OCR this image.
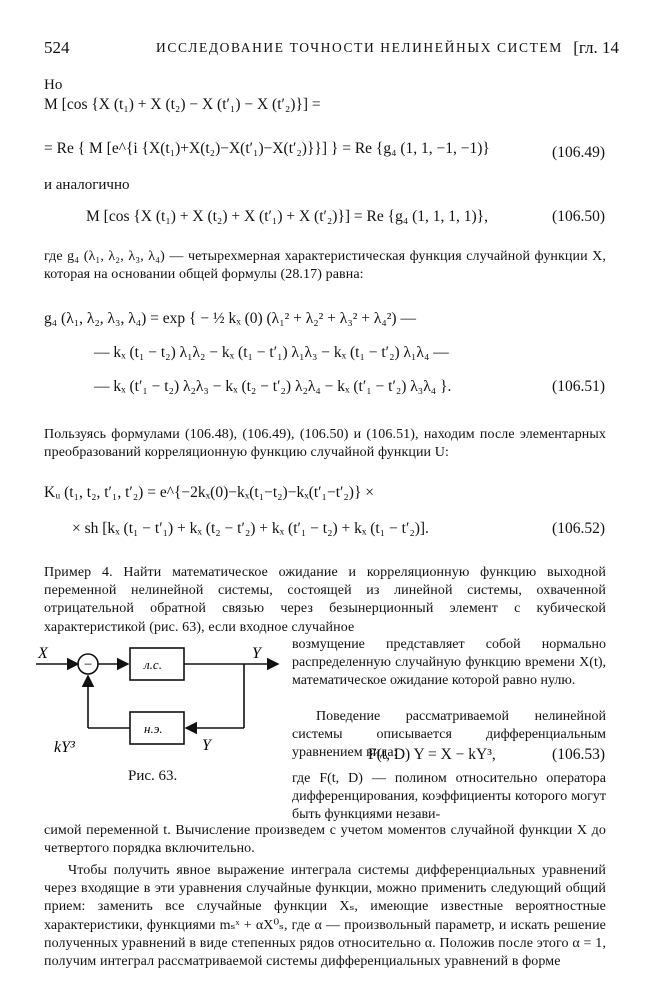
524	ИССЛЕДОВАНИЕ ТОЧНОСТИ НЕЛИНЕЙНЫХ СИСТЕМ [гл. 14
Но
M [cos {X (t₁) + X (t₂) − X (t′₁) − X (t′₂)}] =
= Re { M [e^{i {X(t₁)+X(t₂)−X(t′₁)−X(t′₂)}}] } = Re {g₄ (1, 1, −1, −1)}	(106.49)
и аналогично
M [cos {X (t₁) + X (t₂) + X (t′₁) + X (t′₂)}] = Re {g₄ (1, 1, 1, 1)},	(106.50)
где g₄ (λ₁, λ₂, λ₃, λ₄) — четырехмерная характеристическая функция случайной функции X, которая на основании общей формулы (28.17) равна:
g₄ (λ₁, λ₂, λ₃, λ₄) = exp { − ½ kₓ (0) (λ₁² + λ₂² + λ₃² + λ₄²) —
— kₓ (t₁ − t₂) λ₁λ₂ − kₓ (t₁ − t′₁) λ₁λ₃ − kₓ (t₁ − t′₂) λ₁λ₄ —
— kₓ (t′₁ − t₂) λ₂λ₃ − kₓ (t₂ − t′₂) λ₂λ₄ − kₓ (t′₁ − t′₂) λ₃λ₄ }.	(106.51)
Пользуясь формулами (106.48), (106.49), (106.50) и (106.51), находим после элементарных преобразований корреляционную функцию случайной функции U:
Kᵤ (t₁, t₂, t′₁, t′₂) = e^{−2kₓ(0)−kₓ(t₁−t₂)−kₓ(t′₁−t′₂)} ×
× sh [kₓ (t₁ − t′₁) + kₓ (t₂ − t′₂) + kₓ (t′₁ − t₂) + kₓ (t₁ − t′₂)].	(106.52)
Пример 4. Найти математическое ожидание и корреляционную функцию выходной переменной нелинейной системы, состоящей из линейной системы, охваченной отрицательной обратной связью через безынерционный элемент с кубической характеристикой (рис. 63), если входное случайное
X
−	л.с.
Y
н.э.
Y
kY³
Рис. 63.
возмущение представляет собой нормально распределенную случайную функцию времени X(t), математическое ожидание которой равно нулю.
Поведение рассматриваемой нелинейной системы описывается дифференциальным уравнением вида:
F(t, D) Y = X − kY³,	(106.53)
где F(t, D) — полином относительно оператора дифференцирования, коэффициенты которого могут быть функциями незави-
симой переменной t. Вычисление произведем с учетом моментов случайной функции X до четвертого порядка включительно.
Чтобы получить явное выражение интеграла системы дифференциальных уравнений через входящие в эти уравнения случайные функции, можно применить следующий общий прием: заменить все случайные функции Xₛ, имеющие известные вероятностные характеристики, функциями mₛˣ + αX⁰ₛ, где α — произвольный параметр, и искать решение полученных уравнений в виде степенных рядов относительно α. Положив после этого α = 1, получим интеграл рассматриваемой системы дифференциальных уравнений в форме
